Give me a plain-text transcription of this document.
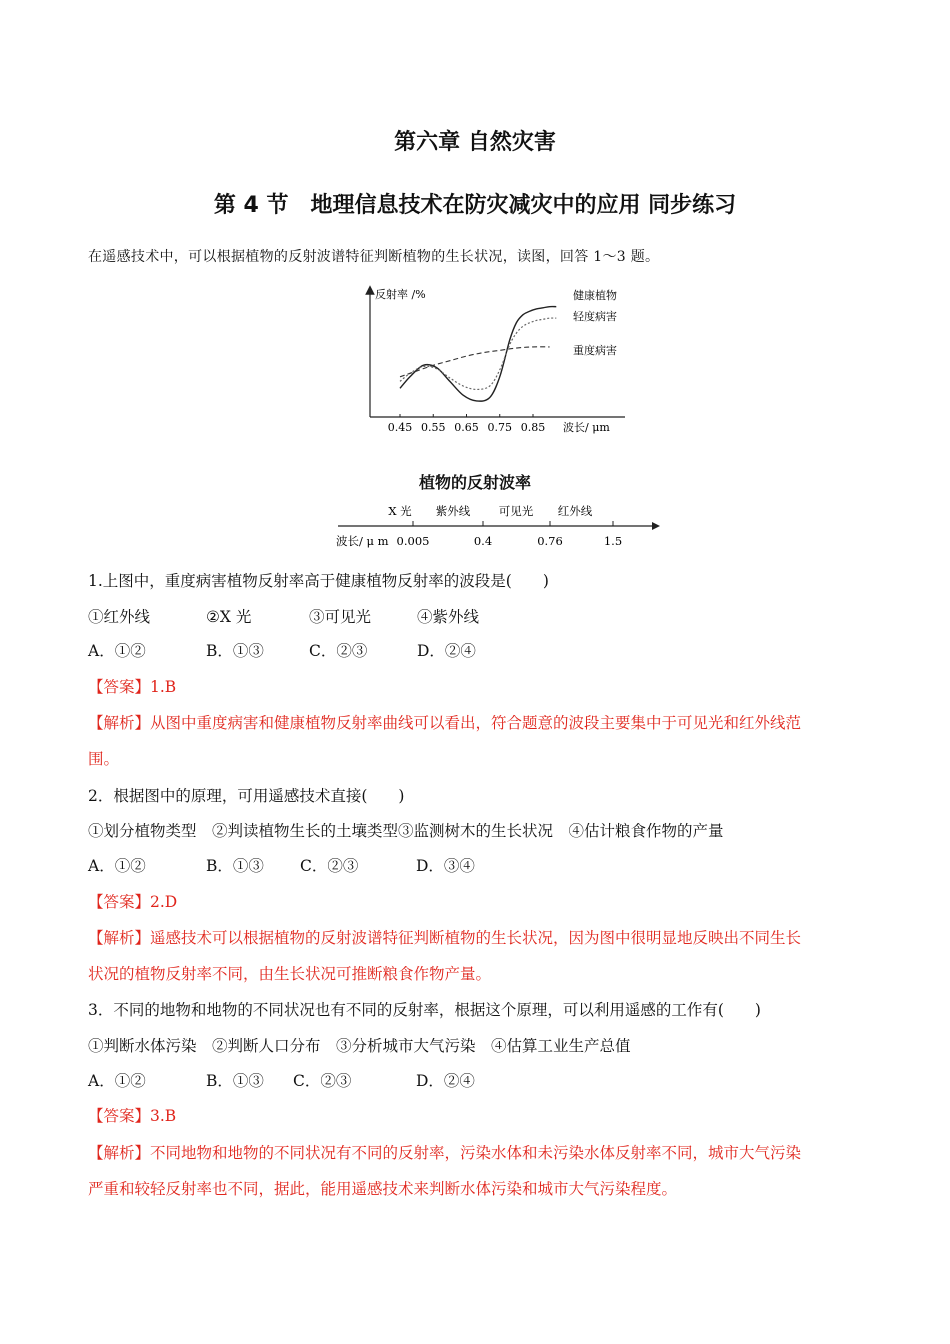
第六章 自然灾害
第 4 节 地理信息技术在防灾减灾中的应用 同步练习
在遥感技术中，可以根据植物的反射波谱特征判断植物的生长状况，读图，回答 1～3 题。
反射率 /%
波长/ μm
0.45 0.55 0.65 0.75 0.85
健康植物
轻度病害
重度病害
植物的反射波率
波长/ μ m
X 光 紫外线 可见光 红外线
0.005	0.4	0.76	1.5
1.上图中，重度病害植物反射率高于健康植物反射率的波段是(　　)
①红外线	②X 光	③可见光	④紫外线
A．①②	B．①③	C．②③	D．②④
【答案】1.B
【解析】从图中重度病害和健康植物反射率曲线可以看出，符合题意的波段主要集中于可见光和红外线范
围。
2．根据图中的原理，可用遥感技术直接(　　)
①划分植物类型　②判读植物生长的土壤类型③监测树木的生长状况　④估计粮食作物的产量
A．①②	B．①③ C．②③	D．③④
【答案】2.D
【解析】遥感技术可以根据植物的反射波谱特征判断植物的生长状况，因为图中很明显地反映出不同生长
状况的植物反射率不同，由生长状况可推断粮食作物产量。
3．不同的地物和地物的不同状况也有不同的反射率，根据这个原理，可以利用遥感的工作有(　　)
①判断水体污染　②判断人口分布　③分析城市大气污染　④估算工业生产总值
A．①②	B．①③ C．②③	D．②④
【答案】3.B
【解析】不同地物和地物的不同状况有不同的反射率，污染水体和未污染水体反射率不同，城市大气污染
严重和较轻反射率也不同，据此，能用遥感技术来判断水体污染和城市大气污染程度。
